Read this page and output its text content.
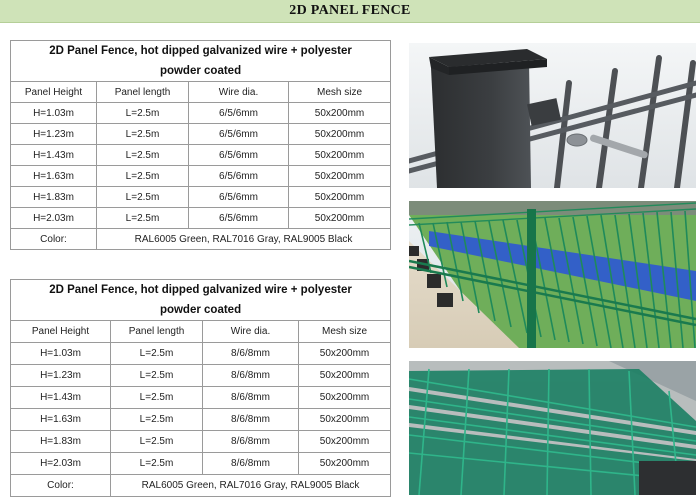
2D PANEL FENCE
2D Panel Fence, hot dipped galvanized wire + polyester
powder coated			

Panel Height	Panel length	Wire dia.	Mesh size
H=1.03m	L=2.5m	6/5/6mm	50x200mm
H=1.23m	L=2.5m	6/5/6mm	50x200mm
H=1.43m	L=2.5m	6/5/6mm	50x200mm
H=1.63m	L=2.5m	6/5/6mm	50x200mm
H=1.83m	L=2.5m	6/5/6mm	50x200mm
H=2.03m	L=2.5m	6/5/6mm	50x200mm
Color:	RAL6005 Green, RAL7016 Gray, RAL9005 Black		
2D Panel Fence, hot dipped galvanized wire + polyester
powder coated			

Panel Height	Panel length	Wire dia.	Mesh size
H=1.03m	L=2.5m	8/6/8mm	50x200mm
H=1.23m	L=2.5m	8/6/8mm	50x200mm
H=1.43m	L=2.5m	8/6/8mm	50x200mm
H=1.63m	L=2.5m	8/6/8mm	50x200mm
H=1.83m	L=2.5m	8/6/8mm	50x200mm
H=2.03m	L=2.5m	8/6/8mm	50x200mm
Color:	RAL6005 Green, RAL7016 Gray, RAL9005 Black		
